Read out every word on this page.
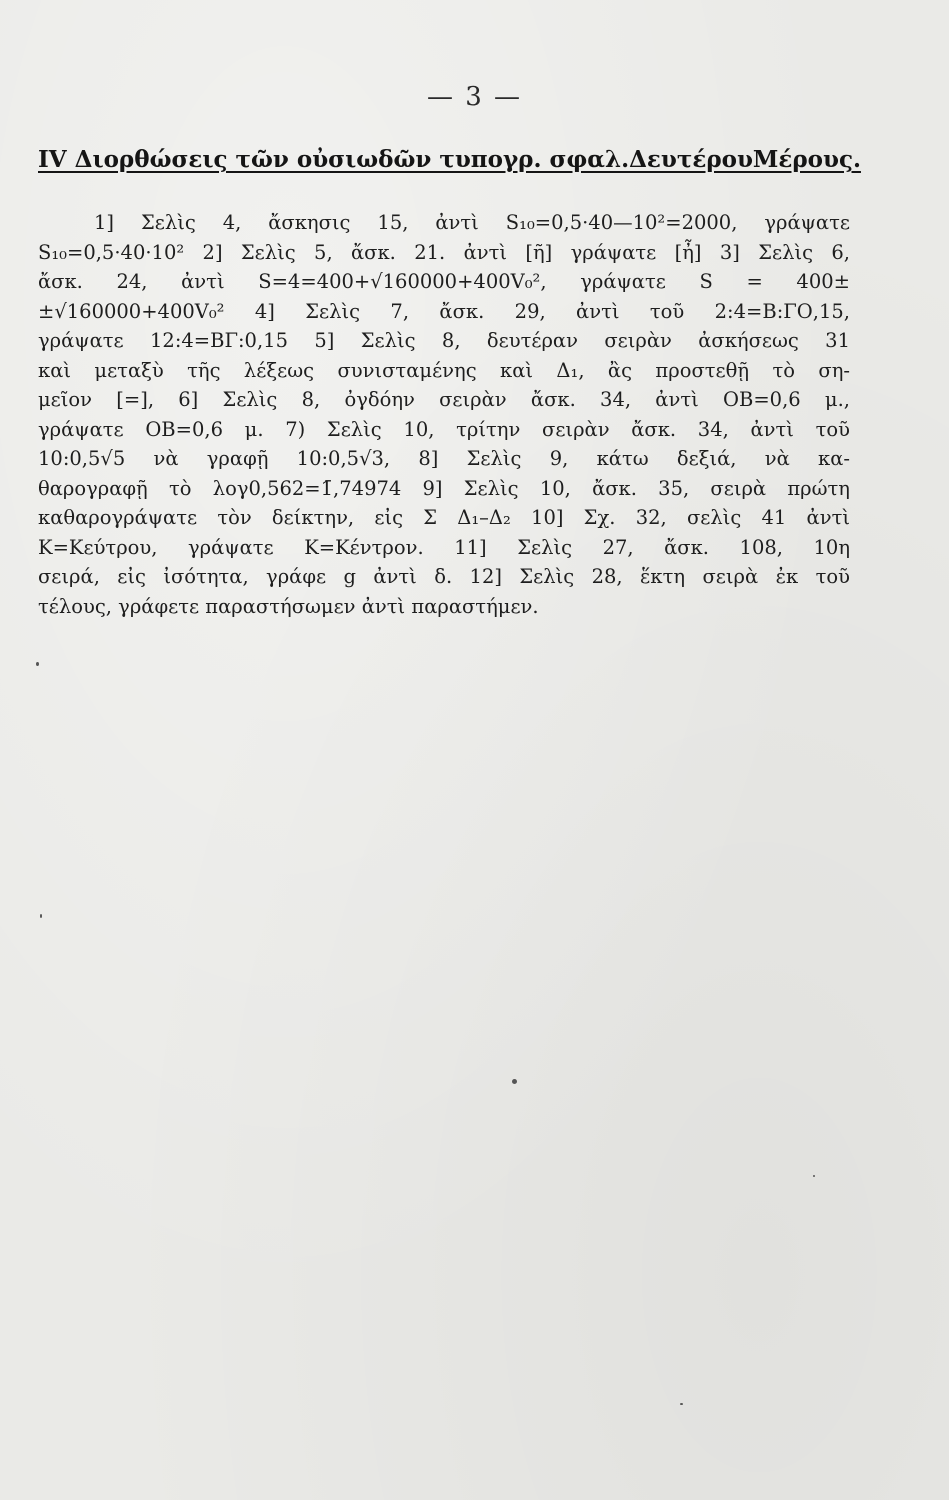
— 3 —
IV Διορθώσεις τῶν οὐσιωδῶν τυπογρ. σφαλ.ΔευτέρουΜέρους.
1] Σελὶς 4, ἄσκησις 15, ἀντὶ S₁₀=0,5·40—10²=2000, γράψατε
S₁₀=0,5·40·10² 2] Σελὶς 5, ἄσκ. 21. ἀντὶ [ῆ] γράψατε [ἦ] 3] Σελὶς 6,
ἄσκ. 24, ἀντὶ S=4=400+√160000+400V₀², γράψατε S = 400±
±√160000+400V₀² 4] Σελὶς 7, ἄσκ. 29, ἀντὶ τοῦ 2:4=Β:ΓΟ,15,
γράψατε 12:4=ΒΓ:0,15 5] Σελὶς 8, δευτέραν σειρὰν ἀσκήσεως 31
καὶ μεταξὺ τῆς λέξεως συνισταμένης καὶ Δ₁, ἂς προστεθῇ τὸ ση-
μεῖον [=], 6] Σελὶς 8, ὀγδόην σειρὰν ἄσκ. 34, ἀντὶ ΟΒ=0,6 μ.,
γράψατε ΟΒ=0,6 μ. 7) Σελὶς 10, τρίτην σειρὰν ἄσκ. 34, ἀντὶ τοῦ
10:0,5√5 νὰ γραφῇ 10:0,5√3, 8] Σελὶς 9, κάτω δεξιά, νὰ κα-
θαρογραφῇ τὸ λογ0,562=1̄,74974 9] Σελὶς 10, ἄσκ. 35, σειρὰ πρώτη
καθαρογράψατε τὸν δείκτην, εἰς Σ Δ₁–Δ₂ 10] Σχ. 32, σελὶς 41 ἀντὶ
Κ=Κεύτρου, γράψατε Κ=Κέντρον. 11] Σελὶς 27, ἄσκ. 108, 10η
σειρά, εἰς ἰσότητα, γράφε g ἀντὶ δ. 12] Σελὶς 28, ἕκτη σειρὰ ἐκ τοῦ
τέλους, γράφετε παραστήσωμεν ἀντὶ παραστήμεν.
